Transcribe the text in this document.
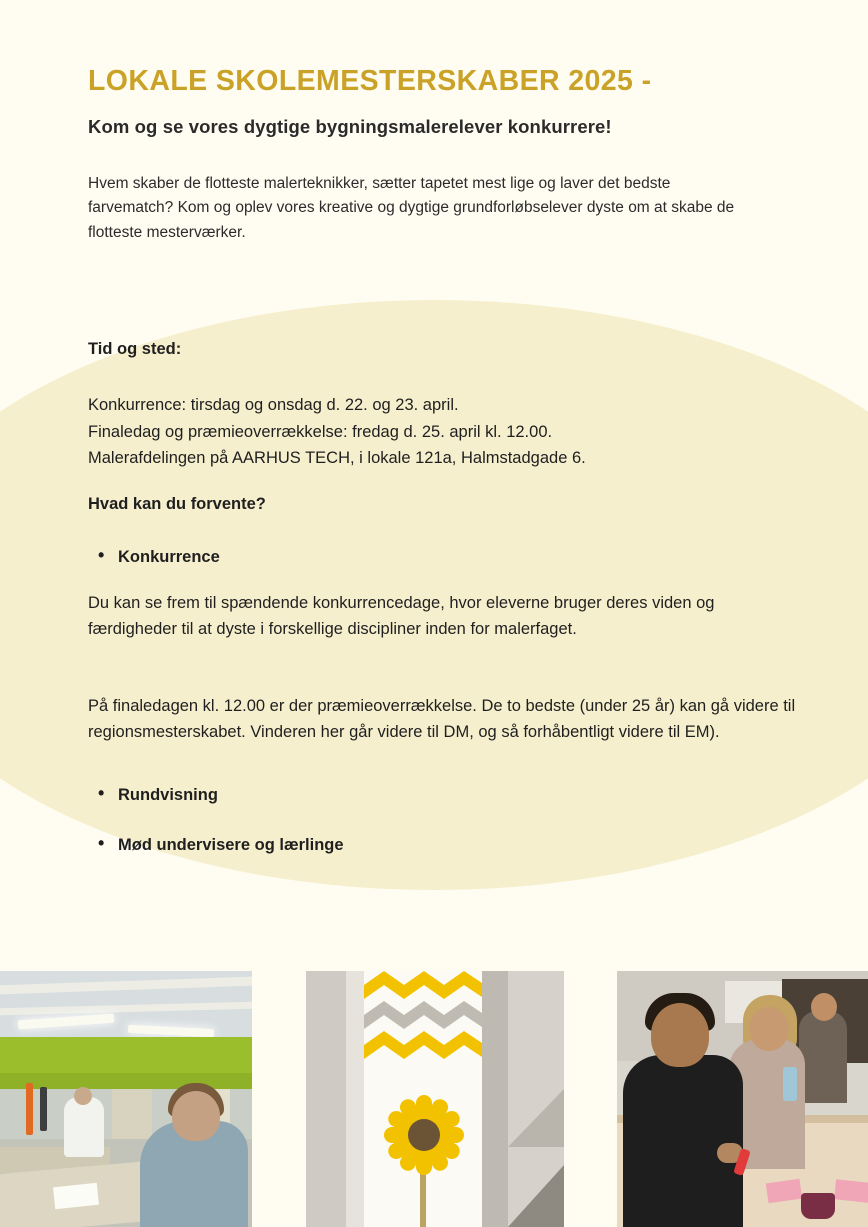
LOKALE SKOLEMESTERSKABER 2025 -

Kom og se vores dygtige bygningsmalerelever konkurrere!

Hvem skaber de flotteste malerteknikker, sætter tapetet mest lige og laver det bedste farvematch? Kom og oplev vores kreative og dygtige grundforløbselever dyste om at skabe de flotteste mesterværker.

Tid og sted:
Konkurrence: tirsdag og onsdag d. 22. og 23. april.
Finaledag og præmieoverrækkelse: fredag d. 25. april kl. 12.00.
Malerafdelingen på AARHUS TECH, i lokale 121a, Halmstadgade 6.
Hvad kan du forvente?
• Konkurrence

Du kan se frem til spændende konkurrencedage, hvor eleverne bruger deres viden og færdigheder til at dyste i forskellige discipliner inden for malerfaget.

På finaledagen kl. 12.00 er der præmieoverrækkelse. De to bedste (under 25 år) kan gå videre til regionsmesterskabet. Vinderen her går videre til DM, og så forhåbentligt videre til EM).

• Rundvisning
• Mød undervisere og lærlinge
